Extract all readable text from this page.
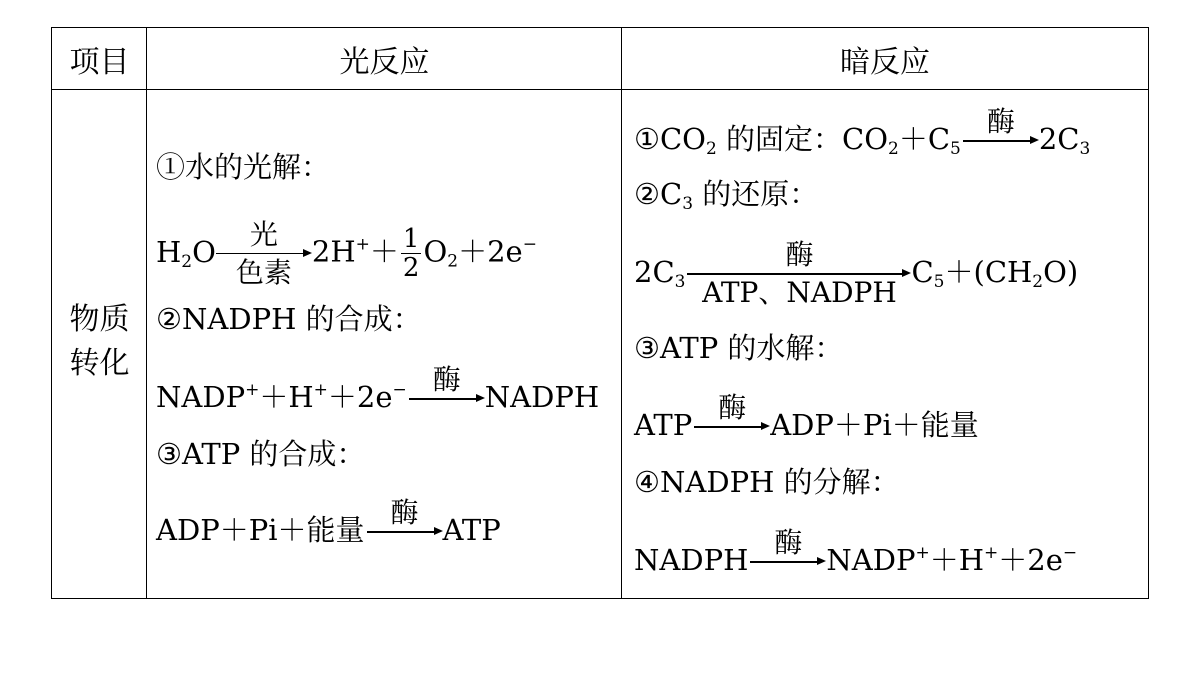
项目	光反应	暗反应
物质
转化
①水的光解：
$H_2O$
光
色素
$2H^++ \frac{1}{2} O_2+2e^-$
②NADPH 的合成：
NADP+＋H+＋2e− 酶
NADPH
③ATP 的合成：
ADP＋Pi＋能量
酶
ATP
$①CO_2$ 的固定：$CO_2+C_5$
酶
$2C_3$
$②C_3$ 的还原：
$2C_3$
酶
ATP、NADPH
$C_5+(CH_2O)$
③ATP 的水解：
ATP
酶
ADP＋Pi＋能量
④NADPH 的分解：
NADPH
酶
NADP+＋H+＋2e−
